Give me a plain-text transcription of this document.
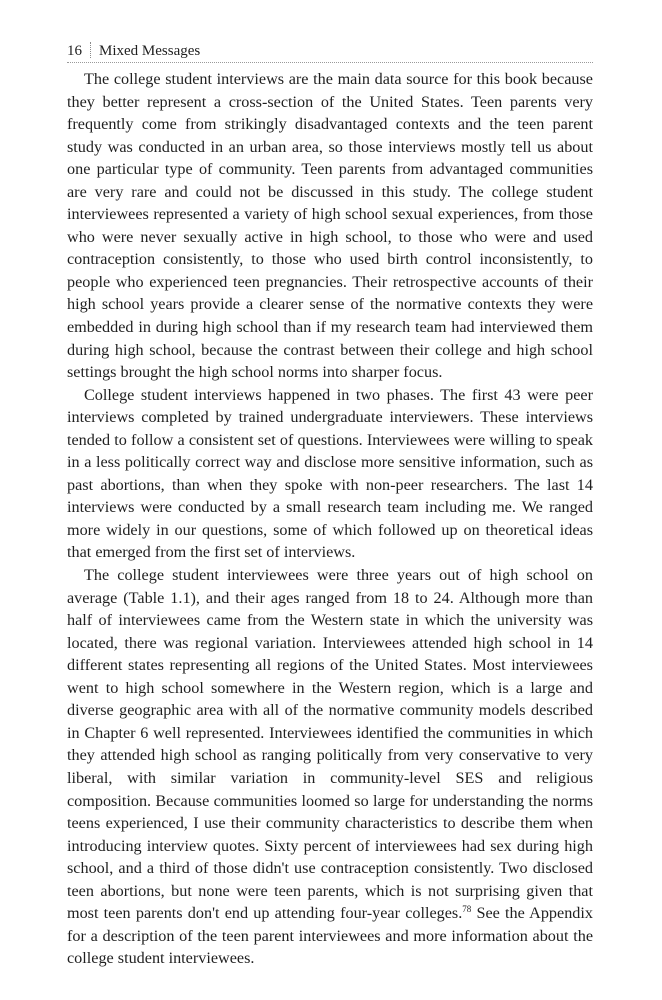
16 Mixed Messages

The college student interviews are the main data source for this book because they better represent a cross-section of the United States. Teen parents very frequently come from strikingly disadvantaged contexts and the teen parent study was conducted in an urban area, so those interviews mostly tell us about one particular type of community. Teen parents from advantaged communities are very rare and could not be discussed in this study. The college student interviewees represented a variety of high school sexual experiences, from those who were never sexually active in high school, to those who were and used contraception consistently, to those who used birth control inconsistently, to people who experienced teen pregnancies. Their retrospective accounts of their high school years provide a clearer sense of the normative contexts they were embedded in during high school than if my research team had interviewed them during high school, because the contrast between their college and high school settings brought the high school norms into sharper focus.

College student interviews happened in two phases. The first 43 were peer interviews completed by trained undergraduate interviewers. These interviews tended to follow a consistent set of questions. Interviewees were willing to speak in a less politically correct way and disclose more sensitive information, such as past abortions, than when they spoke with non-peer researchers. The last 14 interviews were conducted by a small research team including me. We ranged more widely in our questions, some of which followed up on theoretical ideas that emerged from the first set of interviews.

The college student interviewees were three years out of high school on average (Table 1.1), and their ages ranged from 18 to 24. Although more than half of interviewees came from the Western state in which the university was located, there was regional variation. Interviewees attended high school in 14 different states representing all regions of the United States. Most interviewees went to high school somewhere in the Western region, which is a large and diverse geographic area with all of the normative community models described in Chapter 6 well represented. Interviewees identified the communities in which they attended high school as ranging politically from very conservative to very liberal, with similar variation in community-level SES and religious composition. Because communities loomed so large for understanding the norms teens experienced, I use their community characteristics to describe them when introducing interview quotes. Sixty percent of interviewees had sex during high school, and a third of those didn't use contraception consistently. Two disclosed teen abortions, but none were teen parents, which is not surprising given that most teen parents don't end up attending four-year colleges.$^{78}$ See the Appendix for a description of the teen parent interviewees and more information about the college student interviewees.
